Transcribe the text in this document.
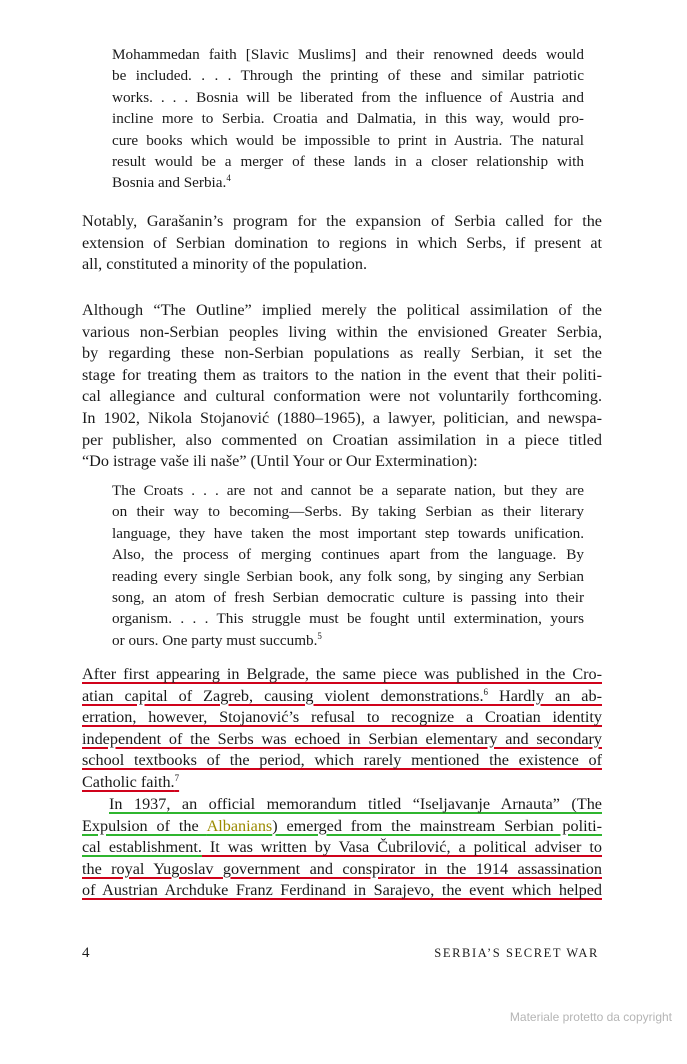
Mohammedan faith [Slavic Muslims] and their renowned deeds would
be included. . . . Through the printing of these and similar patriotic
works. . . . Bosnia will be liberated from the influence of Austria and
incline more to Serbia. Croatia and Dalmatia, in this way, would pro-
cure books which would be impossible to print in Austria. The natural
result would be a merger of these lands in a closer relationship with
Bosnia and Serbia.$^4$
Notably, Garašanin’s program for the expansion of Serbia called for the
extension of Serbian domination to regions in which Serbs, if present at
all, constituted a minority of the population.
Although “The Outline” implied merely the political assimilation of the
various non-Serbian peoples living within the envisioned Greater Serbia,
by regarding these non-Serbian populations as really Serbian, it set the
stage for treating them as traitors to the nation in the event that their politi-
cal allegiance and cultural conformation were not voluntarily forthcoming.
In 1902, Nikola Stojanović (1880–1965), a lawyer, politician, and newspa-
per publisher, also commented on Croatian assimilation in a piece titled
“Do istrage vaše ili naše” (Until Your or Our Extermination):
The Croats . . . are not and cannot be a separate nation, but they are
on their way to becoming—Serbs. By taking Serbian as their literary
language, they have taken the most important step towards unification.
Also, the process of merging continues apart from the language. By
reading every single Serbian book, any folk song, by singing any Serbian
song, an atom of fresh Serbian democratic culture is passing into their
organism. . . . This struggle must be fought until extermination, yours
or ours. One party must succumb.$^5$
After first appearing in Belgrade, the same piece was published in the Cro-
atian capital of Zagreb, causing violent demonstrations.$^6$ Hardly an ab-
erration, however, Stojanović’s refusal to recognize a Croatian identity
independent of the Serbs was echoed in Serbian elementary and secondary
school textbooks of the period, which rarely mentioned the existence of
Catholic faith.$^7$
In 1937, an official memorandum titled “Iseljavanje Arnauta” (The
Expulsion of the Albanians) emerged from the mainstream Serbian politi-
cal establishment. It was written by Vasa Čubrilović, a political adviser to
the royal Yugoslav government and conspirator in the 1914 assassination
of Austrian Archduke Franz Ferdinand in Sarajevo, the event which helped
4	SERBIA’S SECRET WAR
Materiale protetto da copyright
